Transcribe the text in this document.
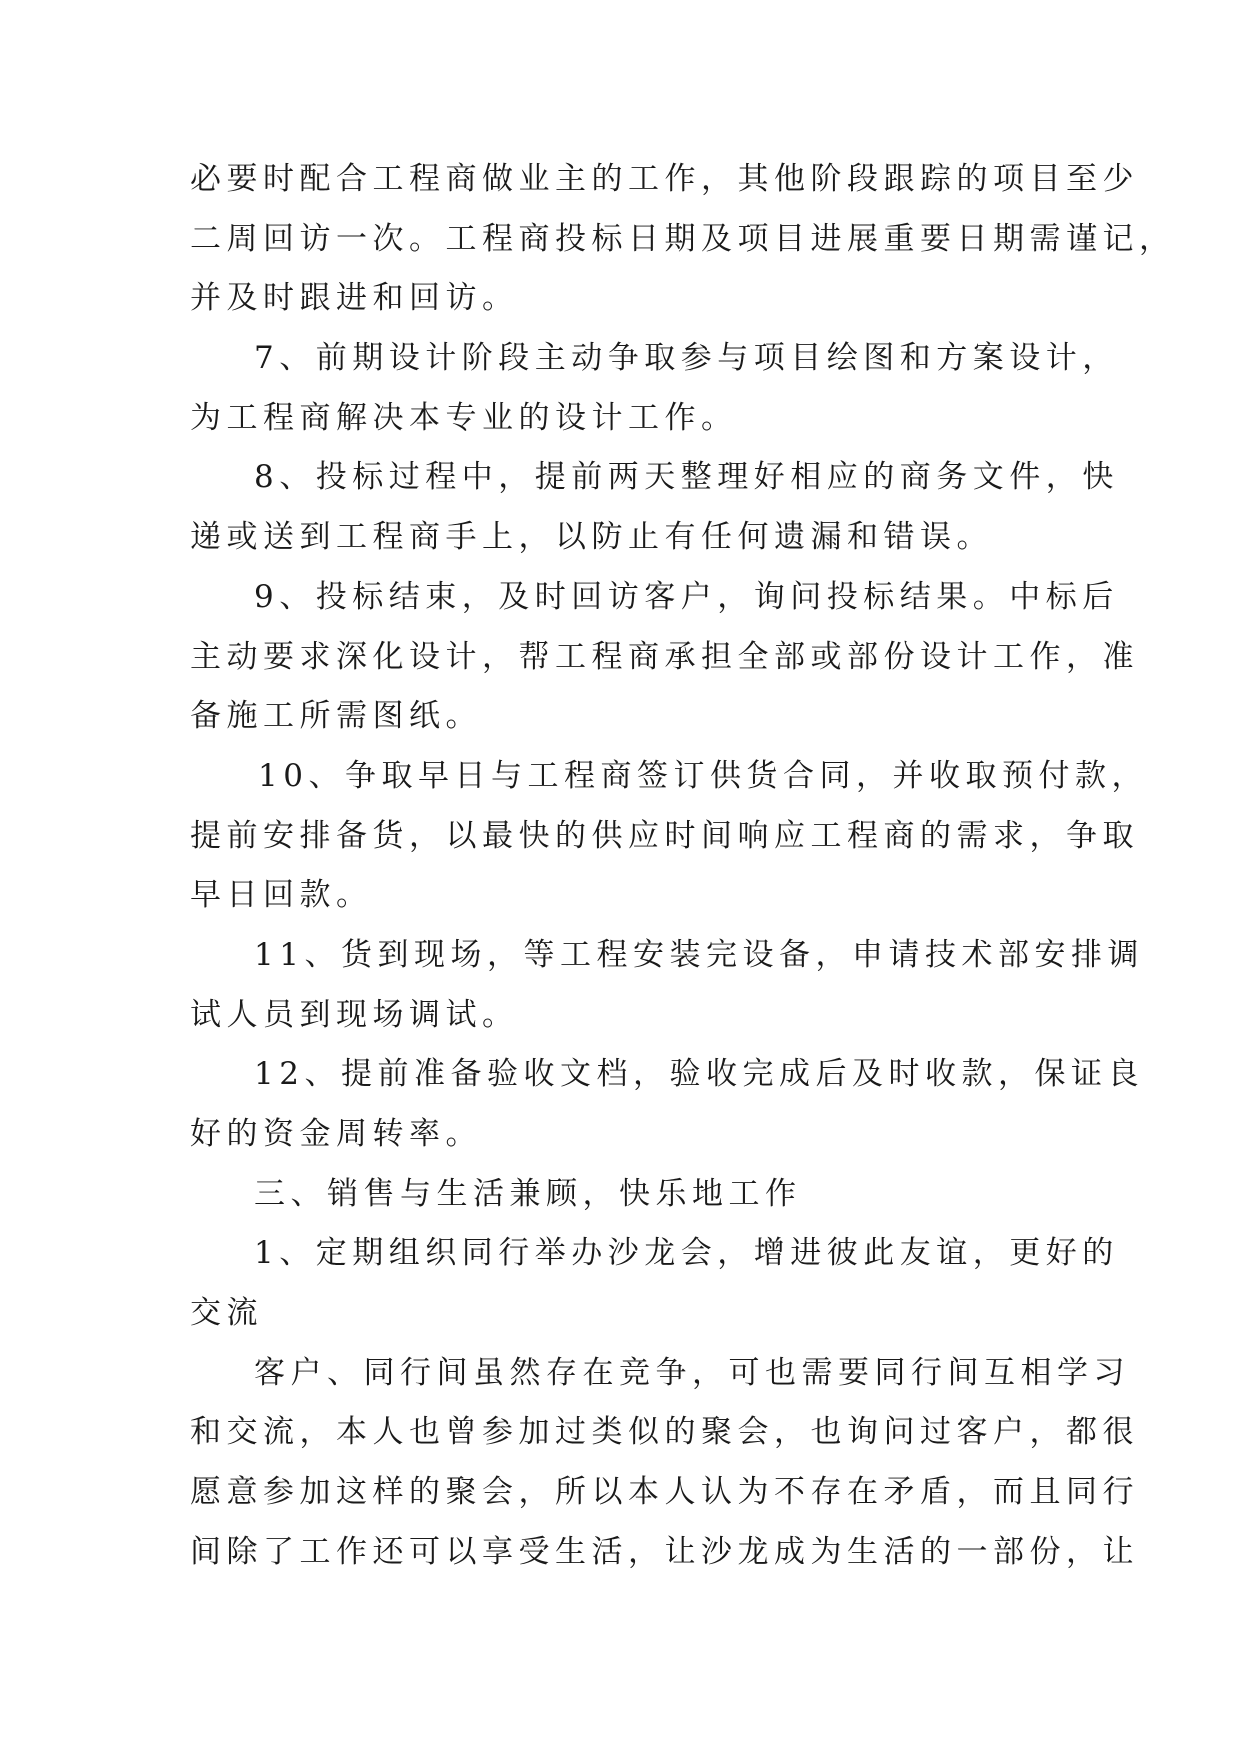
必要时配合工程商做业主的工作，其他阶段跟踪的项目至少
二周回访一次。工程商投标日期及项目进展重要日期需谨记，
并及时跟进和回访。
7、前期设计阶段主动争取参与项目绘图和方案设计，
为工程商解决本专业的设计工作。
8、投标过程中，提前两天整理好相应的商务文件，快
递或送到工程商手上，以防止有任何遗漏和错误。
9、投标结束，及时回访客户，询问投标结果。中标后
主动要求深化设计，帮工程商承担全部或部份设计工作，准
备施工所需图纸。
10、争取早日与工程商签订供货合同，并收取预付款，
提前安排备货，以最快的供应时间响应工程商的需求，争取
早日回款。
11、货到现场，等工程安装完设备，申请技术部安排调
试人员到现场调试。
12、提前准备验收文档，验收完成后及时收款，保证良
好的资金周转率。
三、销售与生活兼顾，快乐地工作
1、定期组织同行举办沙龙会，增进彼此友谊，更好的
交流
客户、同行间虽然存在竞争，可也需要同行间互相学习
和交流，本人也曾参加过类似的聚会，也询问过客户，都很
愿意参加这样的聚会，所以本人认为不存在矛盾，而且同行
间除了工作还可以享受生活，让沙龙成为生活的一部份，让
